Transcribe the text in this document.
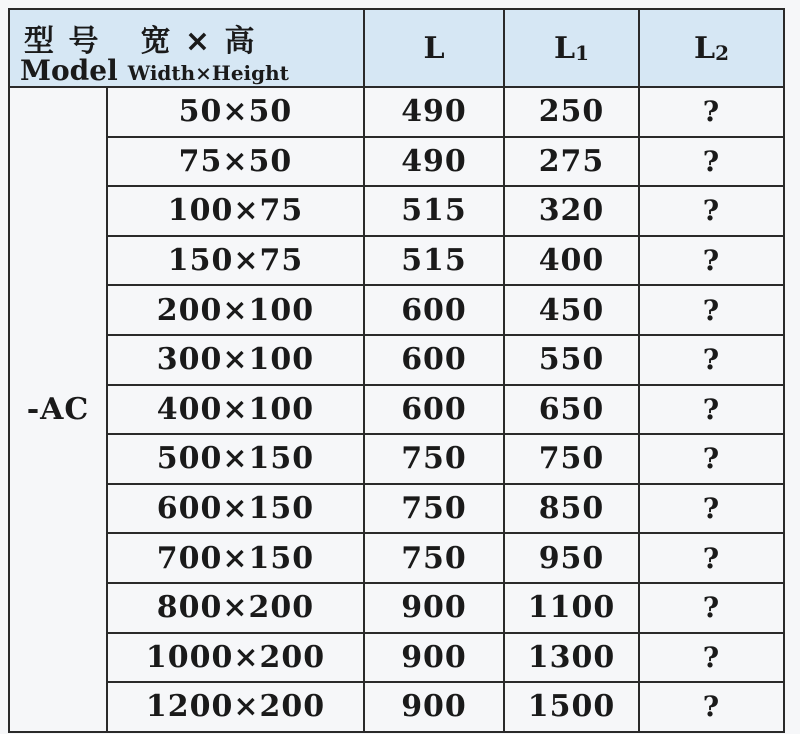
型 号 宽 × 高
Model Width×Height		L	$L_1$	$L_2$
-AC	50×50	490	250	?
	75×50	490	275	?
	100×75	515	320	?
	150×75	515	400	?
	200×100	600	450	?
	300×100	600	550	?
	400×100	600	650	?
	500×150	750	750	?
	600×150	750	850	?
	700×150	750	950	?
	800×200	900	1100	?
	1000×200	900	1300	?
	1200×200	900	1500	?
